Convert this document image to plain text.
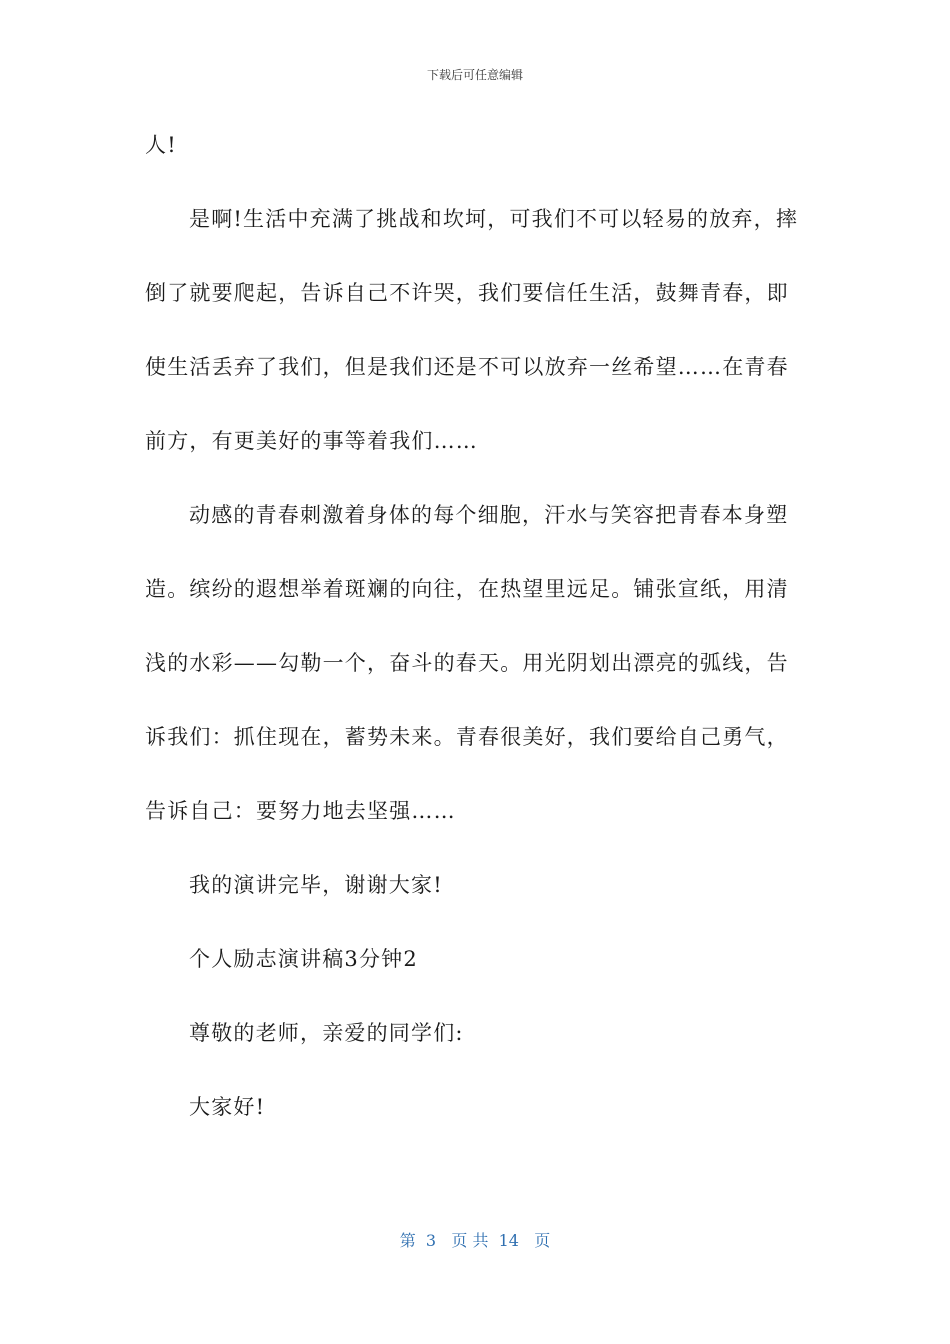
下载后可任意编辑
人!
是啊!生活中充满了挑战和坎坷，可我们不可以轻易的放弃，摔
倒了就要爬起，告诉自己不许哭，我们要信任生活，鼓舞青春，即
使生活丢弃了我们，但是我们还是不可以放弃一丝希望……在青春
前方，有更美好的事等着我们……
动感的青春刺激着身体的每个细胞，汗水与笑容把青春本身塑
造。缤纷的遐想举着斑斓的向往，在热望里远足。铺张宣纸，用清
浅的水彩——勾勒一个，奋斗的春天。用光阴划出漂亮的弧线，告
诉我们：抓住现在，蓄势未来。青春很美好，我们要给自己勇气，
告诉自己：要努力地去坚强……
我的演讲完毕，谢谢大家!
个人励志演讲稿3分钟2
尊敬的老师，亲爱的同学们:
大家好!
第  3   页 共  14   页
